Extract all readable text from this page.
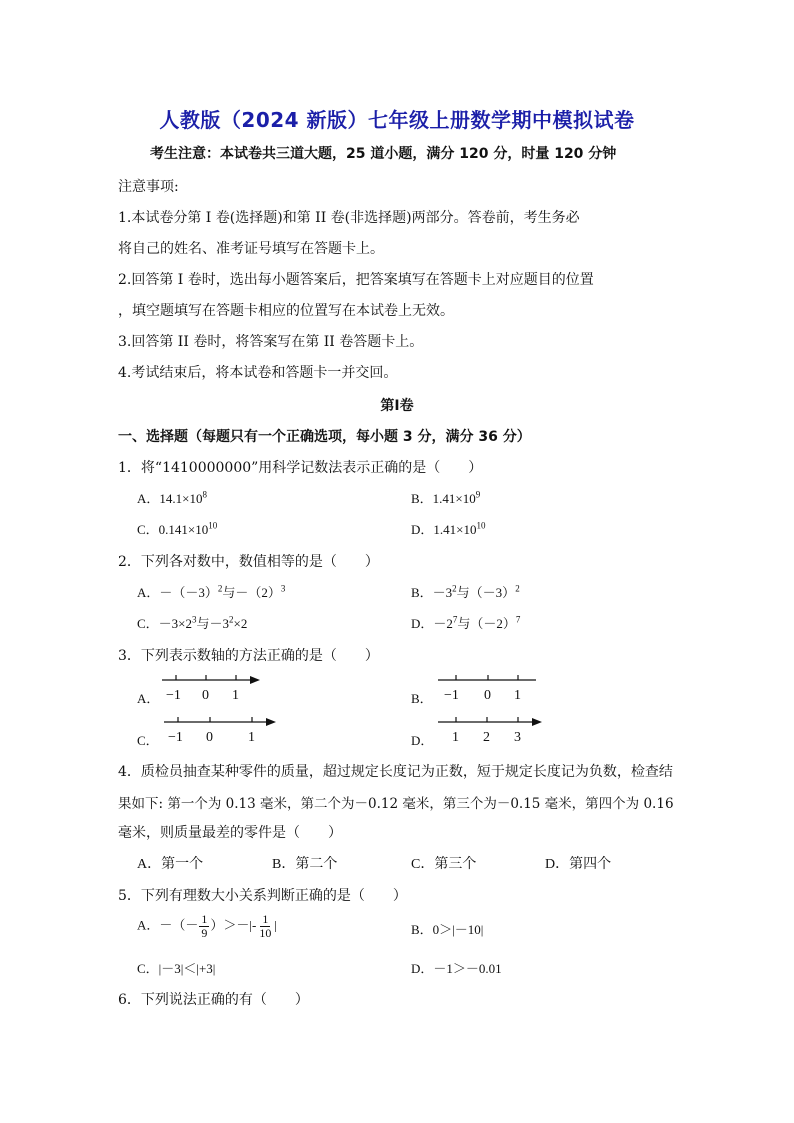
人教版（2024 新版）七年级上册数学期中模拟试卷
考生注意：本试卷共三道大题，25 道小题，满分 120 分，时量 120 分钟
注意事项:
1.本试卷分第 I 卷(选择题)和第 II 卷(非选择题)两部分。答卷前，考生务必
将自己的姓名、准考证号填写在答题卡上。
2.回答第 I 卷时，选出每小题答案后，把答案填写在答题卡上对应题目的位置
，填空题填写在答题卡相应的位置写在本试卷上无效。
3.回答第 II 卷时，将答案写在第 II 卷答题卡上。
4.考试结束后，将本试卷和答题卡一并交回。
第I卷
一、选择题（每题只有一个正确选项，每小题 3 分，满分 36 分）
1．将“1410000000”用科学记数法表示正确的是（　　）
A．$14.1\times 10^8$	B．$1.41\times 10^9$
C．$0.141\times 10^{10}$	D．$1.41\times 10^{10}$
2．下列各对数中，数值相等的是（　　）
A．$-(-3)^2$与$-(2)^3$	B．$-3^2$与$(-3)^2$
C．$-3\times 2^3$与$-3^2\times 2$	D．$-2^7$与$(-2)^7$
3．下列表示数轴的方法正确的是（　　）
A． −1 0 1	B． −1 0 1
C． −1 0	1	D． 1 2 3
4．质检员抽查某种零件的质量，超过规定长度记为正数，短于规定长度记为负数，检查结
果如下: 第一个为 0.13 毫米，第二个为－0.12 毫米，第三个为－0.15 毫米，第四个为 0.16
毫米，则质量最差的零件是（　　）
A．第一个	B．第二个	C．第三个	D．第四个
5．下列有理数大小关系判断正确的是（　　）
A．－（－ $\frac{1}{9}$ ）＞－|- $\frac{1}{10}$ |	B．0＞|－10|
C．|－3|＜|+3|	D．－1＞－0.01
6．下列说法正确的有（　　）
